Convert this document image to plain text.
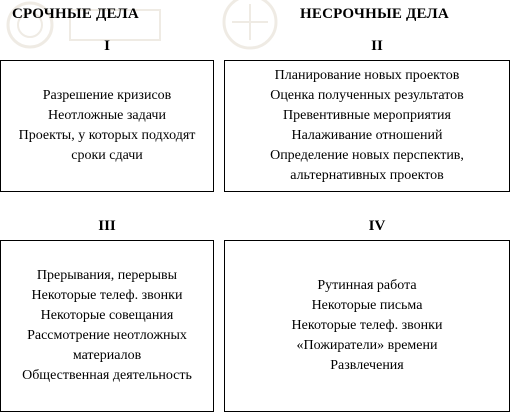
СРОЧНЫЕ ДЕЛА	НЕСРОЧНЫЕ ДЕЛА
I	II
III	IV
Разрешение кризисов
Неотложные задачи
Проекты, у которых подходят
сроки сдачи
Планирование новых проектов
Оценка полученных результатов
Превентивные мероприятия
Налаживание отношений
Определение новых перспектив,
альтернативных проектов
Прерывания, перерывы
Некоторые телеф. звонки
Некоторые совещания
Рассмотрение неотложных
материалов
Общественная деятельность
Рутинная работа
Некоторые письма
Некоторые телеф. звонки
«Пожиратели» времени
Развлечения
